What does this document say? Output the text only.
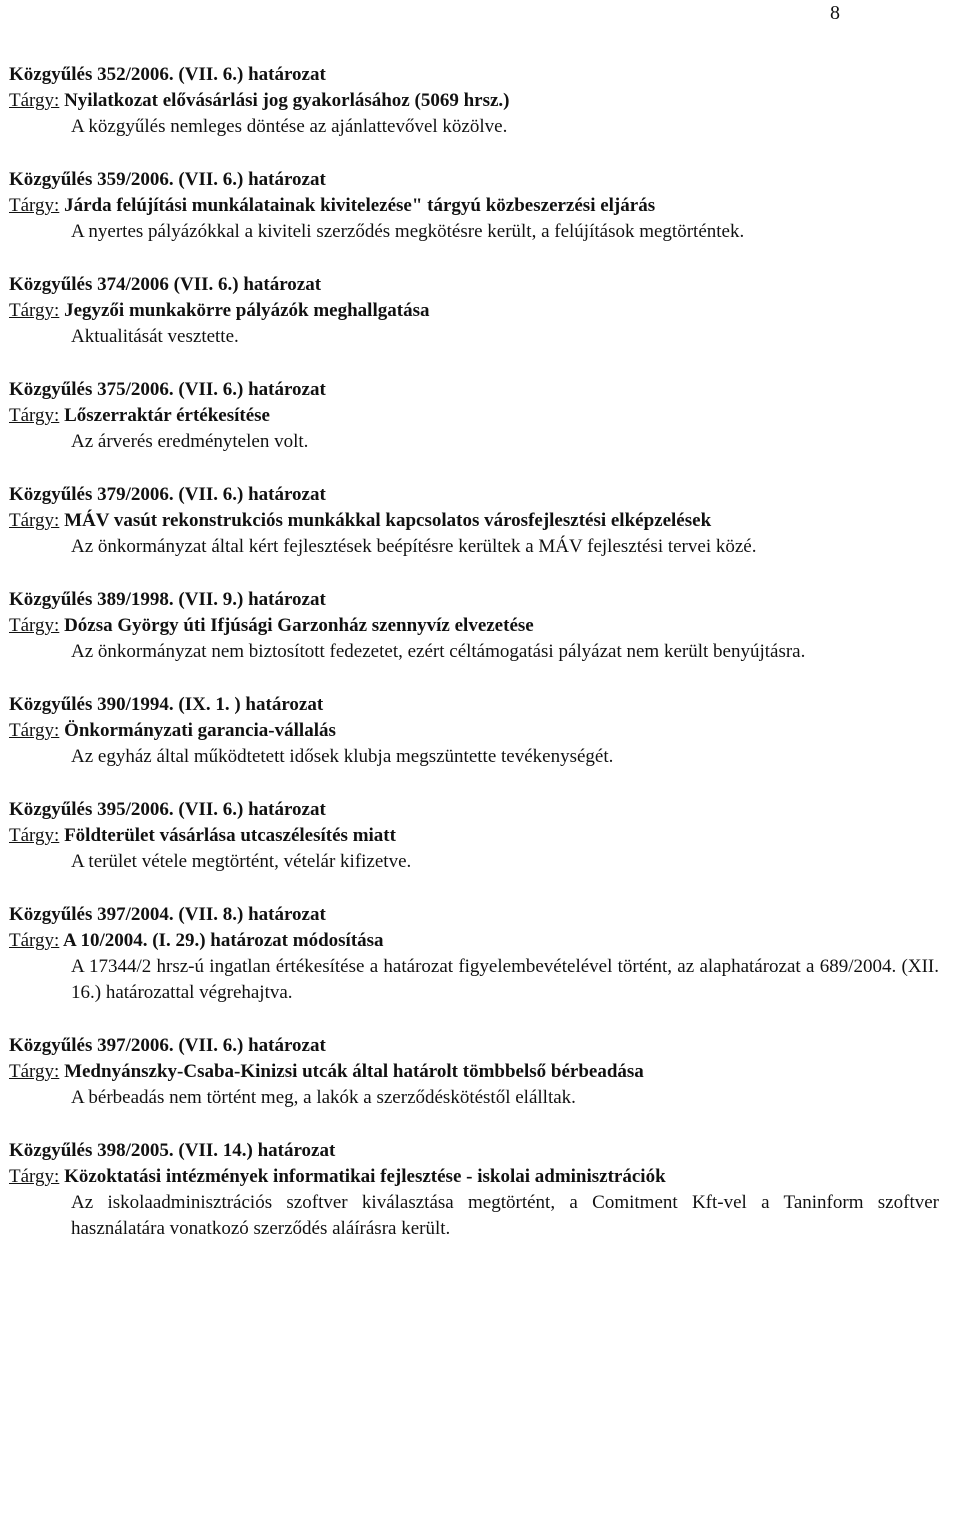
8
Közgyűlés 352/2006. (VII. 6.) határozat
Tárgy: Nyilatkozat elővásárlási jog gyakorlásához (5069 hrsz.)
A közgyűlés nemleges döntése az ajánlattevővel közölve.
Közgyűlés 359/2006. (VII. 6.) határozat
Tárgy: Járda felújítási munkálatainak kivitelezése" tárgyú közbeszerzési eljárás
A nyertes pályázókkal a kiviteli szerződés megkötésre került, a felújítások megtörténtek.
Közgyűlés 374/2006 (VII. 6.) határozat
Tárgy: Jegyzői munkakörre pályázók meghallgatása
Aktualitását vesztette.
Közgyűlés 375/2006. (VII. 6.) határozat
Tárgy: Lőszerraktár értékesítése
Az árverés eredménytelen volt.
Közgyűlés 379/2006. (VII. 6.) határozat
Tárgy: MÁV vasút rekonstrukciós munkákkal kapcsolatos városfejlesztési elképzelések
Az önkormányzat által kért fejlesztések beépítésre kerültek a MÁV fejlesztési tervei közé.
Közgyűlés 389/1998. (VII. 9.) határozat
Tárgy: Dózsa György úti Ifjúsági Garzonház szennyvíz elvezetése
Az önkormányzat nem biztosított fedezetet, ezért céltámogatási pályázat nem került benyújtásra.
Közgyűlés 390/1994. (IX. 1. ) határozat
Tárgy: Önkormányzati garancia-vállalás
Az egyház által működtetett idősek klubja megszüntette tevékenységét.
Közgyűlés 395/2006. (VII. 6.) határozat
Tárgy: Földterület vásárlása utcaszélesítés miatt
A terület vétele megtörtént, vételár kifizetve.
Közgyűlés 397/2004. (VII. 8.) határozat
Tárgy: A 10/2004. (I. 29.) határozat módosítása
A 17344/2 hrsz-ú ingatlan értékesítése a határozat figyelembevételével történt, az alaphatározat a 689/2004. (XII. 16.) határozattal végrehajtva.
Közgyűlés 397/2006. (VII. 6.) határozat
Tárgy: Mednyánszky-Csaba-Kinizsi utcák által határolt tömbbelső bérbeadása
A bérbeadás nem történt meg, a lakók a szerződéskötéstől elálltak.
Közgyűlés 398/2005. (VII. 14.) határozat
Tárgy: Közoktatási intézmények informatikai fejlesztése - iskolai adminisztrációk
Az iskolaadminisztrációs szoftver kiválasztása megtörtént, a Comitment Kft-vel a Taninform szoftver használatára vonatkozó szerződés aláírásra került.
